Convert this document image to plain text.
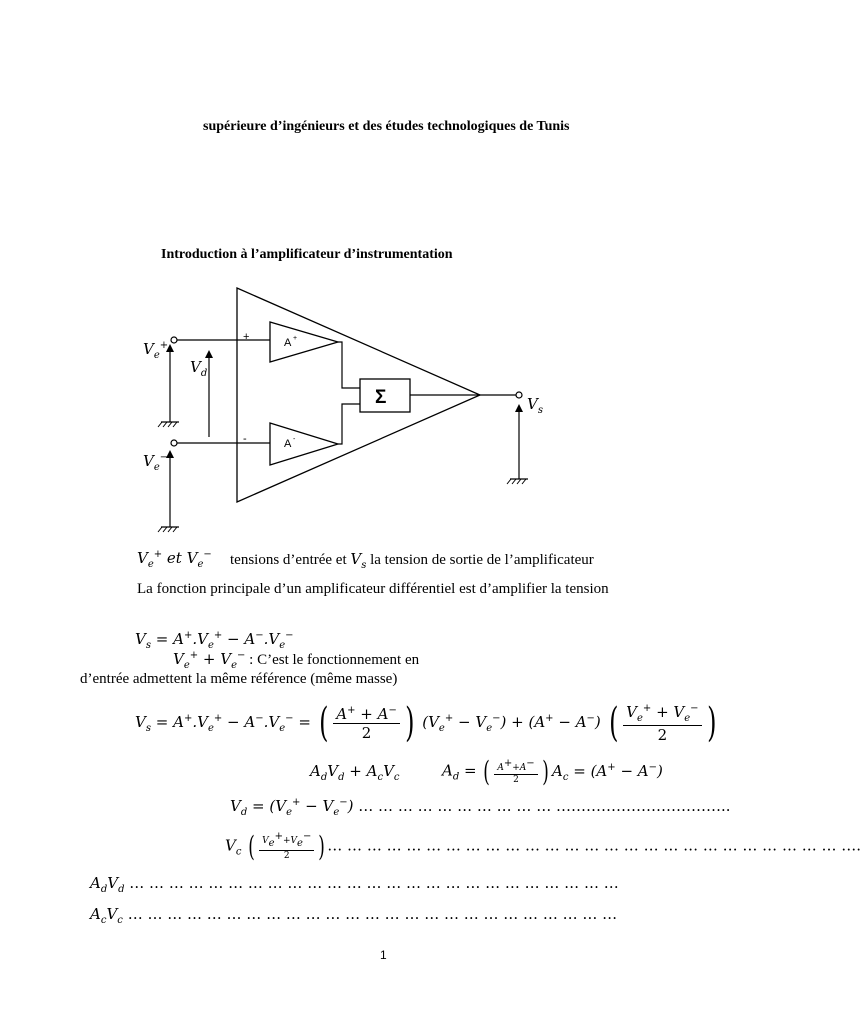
supérieure d’ingénieurs et des études technologiques de Tunis
Introduction à l’amplificateur d’instrumentation
A +
A -
Σ
+
-
$V_e^+$
$V_d$
$V_e^-$
$V_s$
$V_e^+$ et $V_e^-$ tensions d’entrée et $V_s$ la tension de sortie de l’amplificateur
La fonction principale d’un amplificateur différentiel est d’amplifier la tension
$V_s = A^+.V_e^+ - A^-.V_e^-$
$V_e^+ + V_e^-$ : C’est le fonctionnement en
d’entrée admettent la même référence (même masse)
$V_s = A^+.V_e^+ - A^-.V_e^-$ = ( $\frac{A^+ + A^-}{2}$ ) $(V_e^+ - V_e^-) + (A^+ - A^-)$ ( $\frac{V_e^+ + V_e^-}{2}$ )
$A_dV_d + A_cV_c$	$A_d$ = ( $\frac{A^++A^-}{2}$ ) $A_c = (A^+ - A^-)$
$V_d = (V_e^+ - V_e^-)$ … … … … … … … … … … ……………………………..
$V_c$ ( $\frac{V_e^++V_e^-}{2}$ ) … … … … … … … … … … … … … … … … … … … … … … … … … … ….
$A_dV_d$ … … … … … … … … … … … … … … … … … … … … … … … … …
$A_cV_c$ … … … … … … … … … … … … … … … … … … … … … … … … …
1
